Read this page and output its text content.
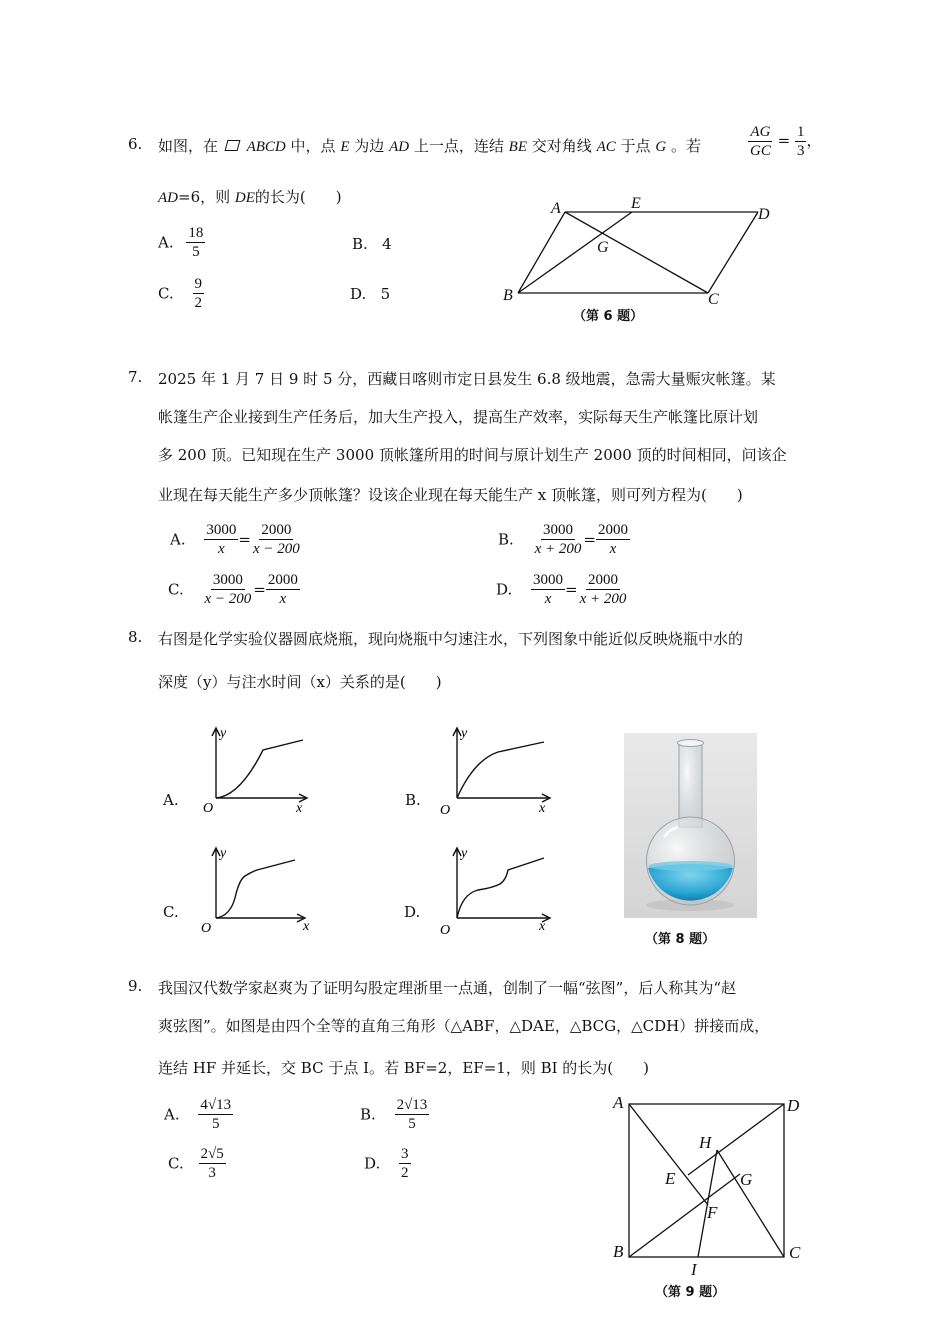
6. 如图，在 ABCD 中，点 E 为边 AD 上一点，连结 BE 交对角线 AC 于点 G 。若	$\frac{AG}{GC} = \frac{1}{3}$ ，
AD=6，则 DE的长为(　　)
A. $\frac{18}{5}$	B. 4
C. $\frac{9}{2}$	D. 5
A	E
D
G
B	C
（第 6 题）
7. 2025 年 1 月 7 日 9 时 5 分，西藏日喀则市定日县发生 6.8 级地震，急需大量赈灾帐篷。某
帐篷生产企业接到生产任务后，加大生产投入，提高生产效率，实际每天生产帐篷比原计划
多 200 顶。已知现在生产 3000 顶帐篷所用的时间与原计划生产 2000 顶的时间相同，问该企
业现在每天能生产多少顶帐篷？设该企业现在每天能生产 x 顶帐篷，则可列方程为(　　)
A. $\frac{3000}{x} = \frac{2000}{x - 200}$	B. $\frac{3000}{x + 200} = \frac{2000}{x}$
C. $\frac{3000}{x - 200} = \frac{2000}{x}$	D. $\frac{3000}{x} = \frac{2000}{x + 200}$
8. 右图是化学实验仪器圆底烧瓶，现向烧瓶中匀速注水，下列图象中能近似反映烧瓶中水的
深度（y）与注水时间（x）关系的是(　　)
A.
y
O	x	B.
y
O	x
C.
y
O	x
D.
y
O	x
（第 8 题）
9. 我国汉代数学家赵爽为了证明勾股定理浙里一点通，创制了一幅“弦图”，后人称其为“赵
爽弦图”。如图是由四个全等的直角三角形（△ABF，△DAE，△BCG，△CDH）拼接而成，
连结 HF 并延长，交 BC 于点 I。若 BF=2，EF=1，则 BI 的长为(　　)
A. $\frac{4√13}{5}$	B. $\frac{2√13}{5}$
C. $\frac{2√5}{3}$	D. $\frac{3}{2}$
A	D
H
E	G
F
B
I
C
（第 9 题）
